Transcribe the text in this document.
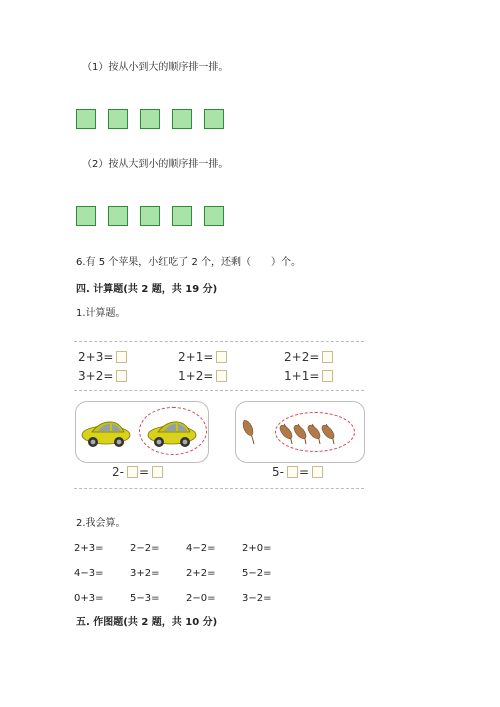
（1）按从小到大的顺序排一排。
（2）按从大到小的顺序排一排。
6.有 5 个苹果，小红吃了 2 个，还剩（　　）个。
四. 计算题(共 2 题，共 19 分)
1.计算题。
2+3=	2+1=	2+2=
3+2=	1+2=	1+1=
2- =	5- =
2.我会算。
2+3=	2−2=	4−2=	2+0=
4−3=	3+2=	2+2=	5−2=
0+3=	5−3=	2−0=	3−2=
五. 作图题(共 2 题，共 10 分)
